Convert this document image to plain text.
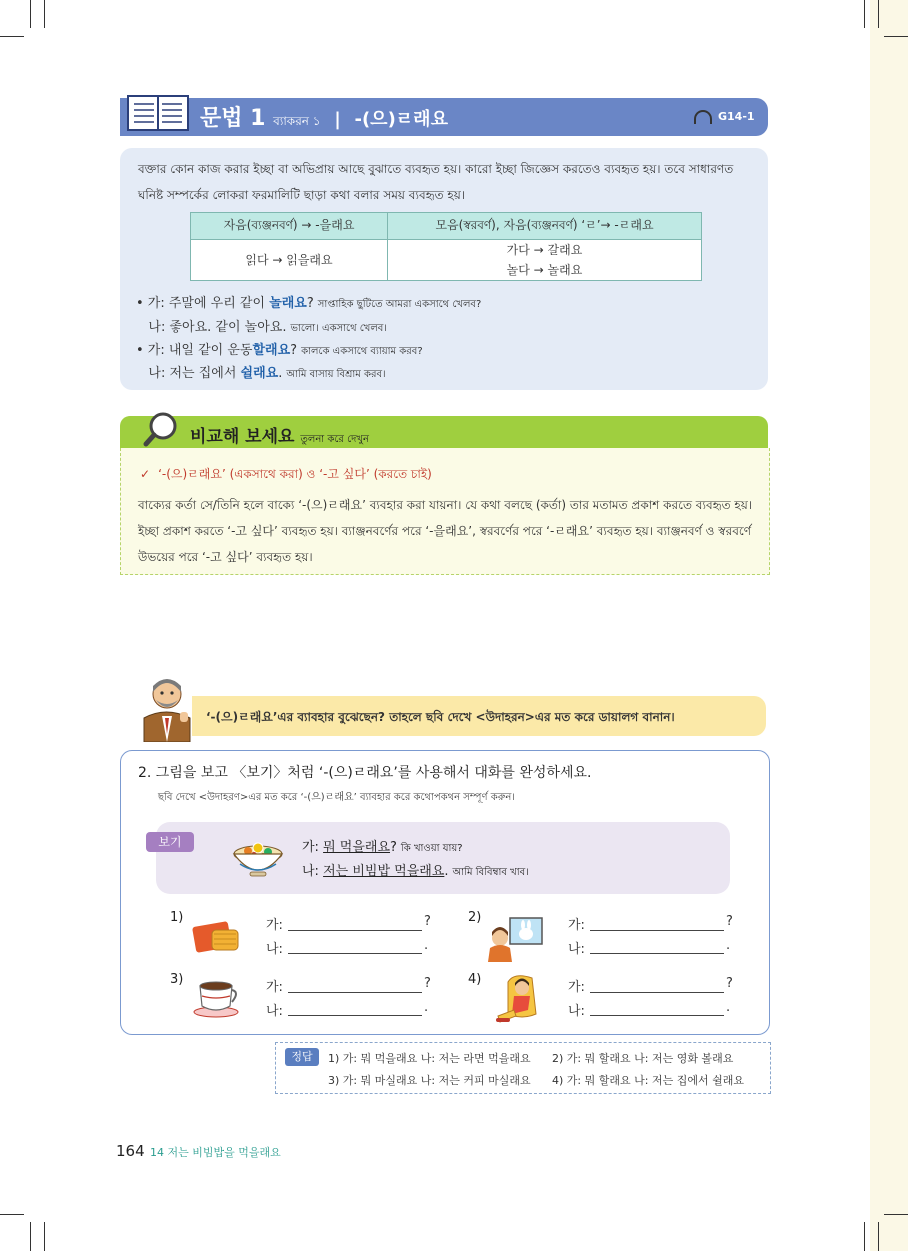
문법 1 ব্যাকরন ১ | -(으)ㄹ래요	G14-1
বক্তার কোন কাজ করার ইচ্ছা বা অভিপ্রায় আছে বুঝাতে ব্যবহৃত হয়। কারো ইচ্ছা জিজ্ঞেস করতেও ব্যবহৃত হয়। তবে সাধারণত ঘনিষ্ট সম্পর্কের লোকরা ফরমালিটি ছাড়া কথা বলার সময় ব্যবহৃত হয়।
자음(ব্যঞ্জনবর্ণ) → -을래요	모음(স্বরবর্ণ), 자음(ব্যঞ্জনবর্ণ) ‘ㄹ’→ -ㄹ래요
읽다 → 읽을래요	가다 → 갈래요
놀다 → 놀래요
• 가: 주말에 우리 같이 놀래요? সাপ্তাহিক ছুটিতে আমরা একসাথে খেলব?
나: 좋아요. 같이 놀아요. ভালো। একসাথে খেলব।
• 가: 내일 같이 운동할래요? কালকে একসাথে ব্যায়াম করব?
나: 저는 집에서 쉴래요. আমি বাসায় বিশ্রাম করব।
비교해 보세요 তুলনা করে দেখুন
✓ ‘-(으)ㄹ래요’ (একসাথে করা) ও ‘-고 싶다’ (করতে চাই)
বাক্যের কর্তা সে/তিনি হলে বাক্যে ‘-(으)ㄹ래요’ ব্যবহার করা যায়না। যে কথা বলছে (কর্তা) তার মতামত প্রকাশ করতে ব্যবহৃত হয়। ইচ্ছা প্রকাশ করতে ‘-고 싶다’ ব্যবহৃত হয়। ব্যাঞ্জনবর্ণের পরে ‘-을래요’, স্বরবর্ণের পরে ‘-ㄹ래요’ ব্যবহৃত হয়। ব্যাঞ্জনবর্ণ ও স্বরবর্ণে উভয়ের পরে ‘-고 싶다’ ব্যবহৃত হয়।
‘-(으)ㄹ래요’এর ব্যাবহার বুঝেছেন? তাহলে ছবি দেখে <উদাহরন>এর মত করে ডায়ালগ বানান।
2. 그림을 보고 〈보기〉처럼 ‘-(으)ㄹ래요’를 사용해서 대화를 완성하세요.
ছবি দেখে <উদাহরণ>এর মত করে ‘-(으)ㄹ래요’ ব্যাবহার করে কথোপকথন সম্পূর্ণ করুন।
보기	가: 뭐 먹을래요? কি খাওয়া যায়?
나: 저는 비빔밥 먹을래요. আমি বিবিম্বাব খাব।
1)
가:	?
나:	.
2)
가:	?
나:	.
3)
가:	?
나:	.
4)
가:	?
나:	.
정답	1) 가: 뭐 먹을래요 나: 저는 라면 먹을래요 2) 가: 뭐 할래요 나: 저는 영화 볼래요
3) 가: 뭐 마실래요 나: 저는 커피 마실래요 4) 가: 뭐 할래요 나: 저는 집에서 쉴래요
164 14 저는 비빔밥을 먹을래요
